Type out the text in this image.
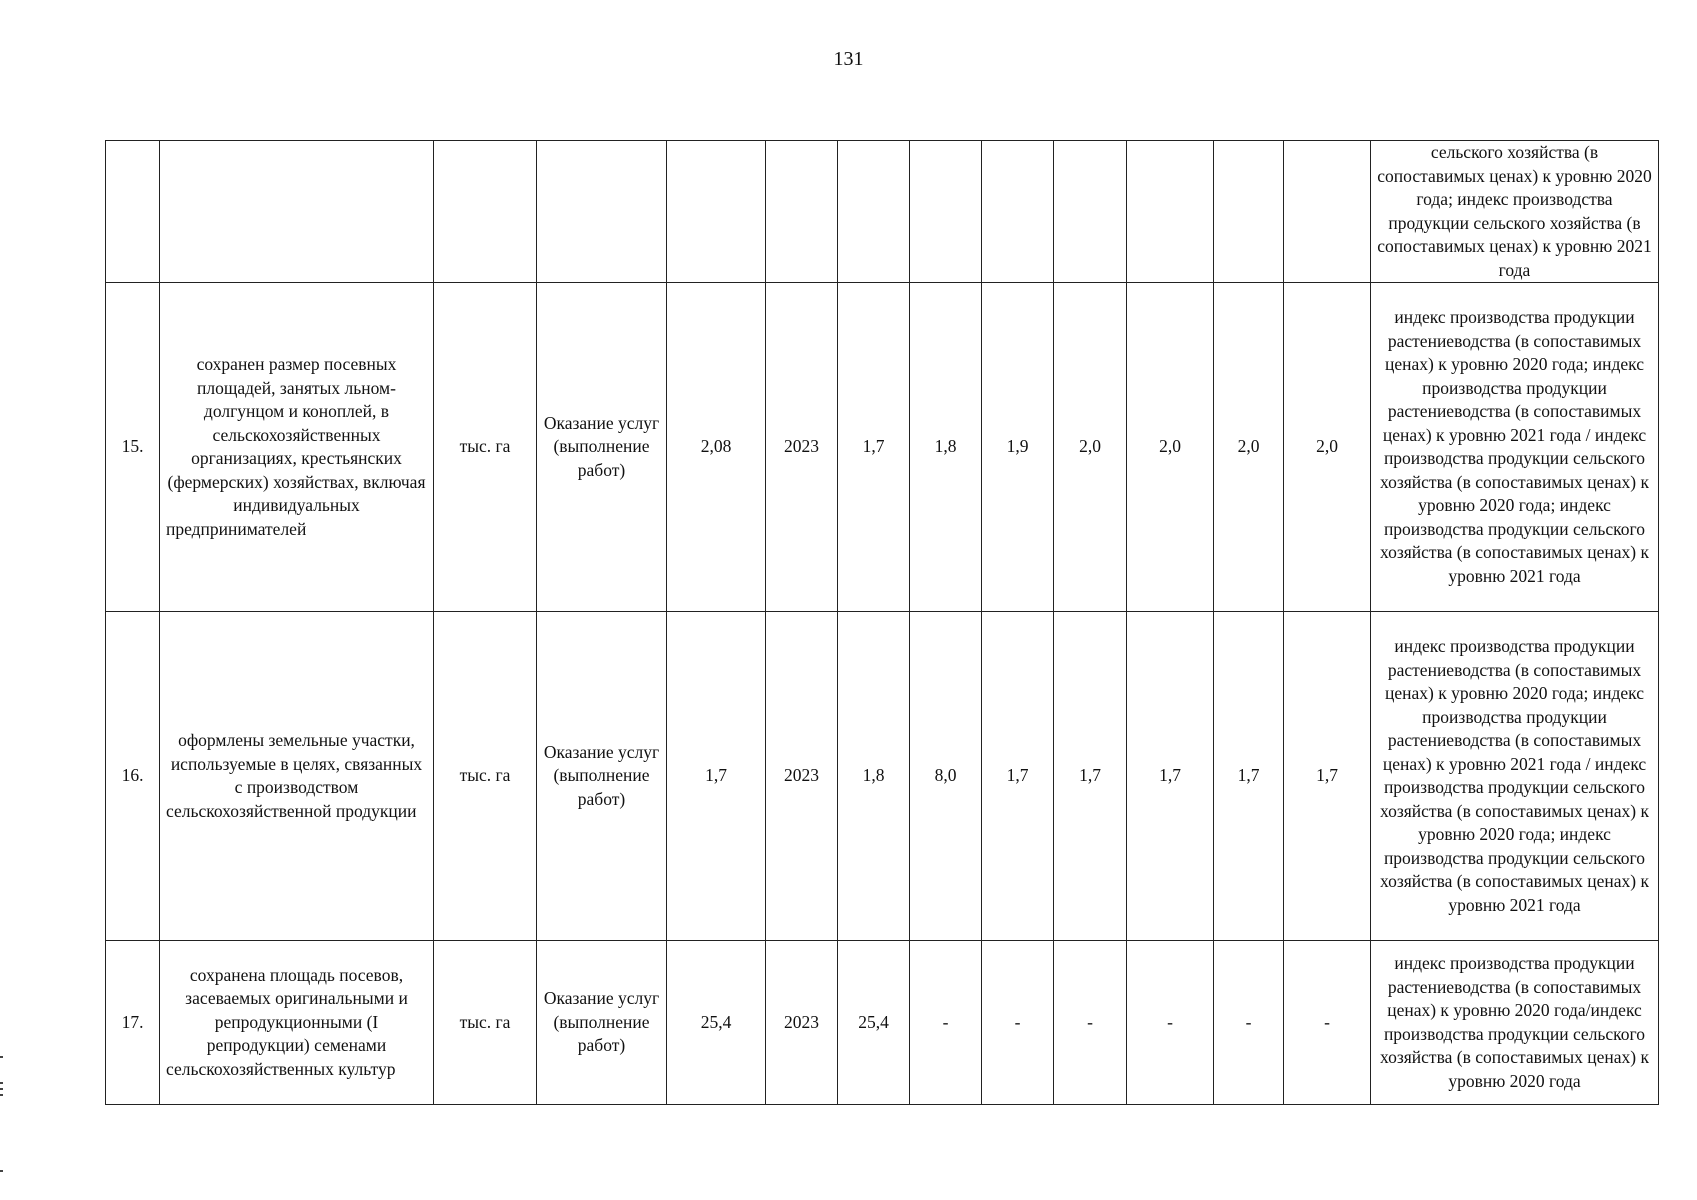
131
													сельского хозяйства (в сопоставимых ценах) к уровню 2020 года; индекс производства продукции сельского хозяйства (в сопоставимых ценах) к уровню 2021 года
15.	сохранен размер посевных площадей, занятых льном-долгунцом и коноплей, в сельскохозяйственных организациях, крестьянских (фермерских) хозяйствах, включая индивидуальных предпринимателей	тыс. га	Оказание услуг (выполнение работ)	2,08	2023	1,7	1,8	1,9	2,0	2,0	2,0	2,0	индекс производства продукции растениеводства (в сопоставимых ценах) к уровню 2020 года; индекс производства продукции растениеводства (в сопоставимых ценах) к уровню 2021 года / индекс производства продукции сельского хозяйства (в сопоставимых ценах) к уровню 2020 года; индекс производства продукции сельского хозяйства (в сопоставимых ценах) к уровню 2021 года
16.	оформлены земельные участки, используемые в целях, связанных с производством сельскохозяйственной продукции	тыс. га	Оказание услуг (выполнение работ)	1,7	2023	1,8	8,0	1,7	1,7	1,7	1,7	1,7	индекс производства продукции растениеводства (в сопоставимых ценах) к уровню 2020 года; индекс производства продукции растениеводства (в сопоставимых ценах) к уровню 2021 года / индекс производства продукции сельского хозяйства (в сопоставимых ценах) к уровню 2020 года; индекс производства продукции сельского хозяйства (в сопоставимых ценах) к уровню 2021 года
17.	сохранена площадь посевов, засеваемых оригинальными и репродукционными (I репродукции) семенами сельскохозяйственных культур	тыс. га	Оказание услуг (выполнение работ)	25,4	2023	25,4	-	-	-	-	-	-	индекс производства продукции растениеводства (в сопоставимых ценах) к уровню 2020 года/индекс производства продукции сельского хозяйства (в сопоставимых ценах) к уровню 2020 года
